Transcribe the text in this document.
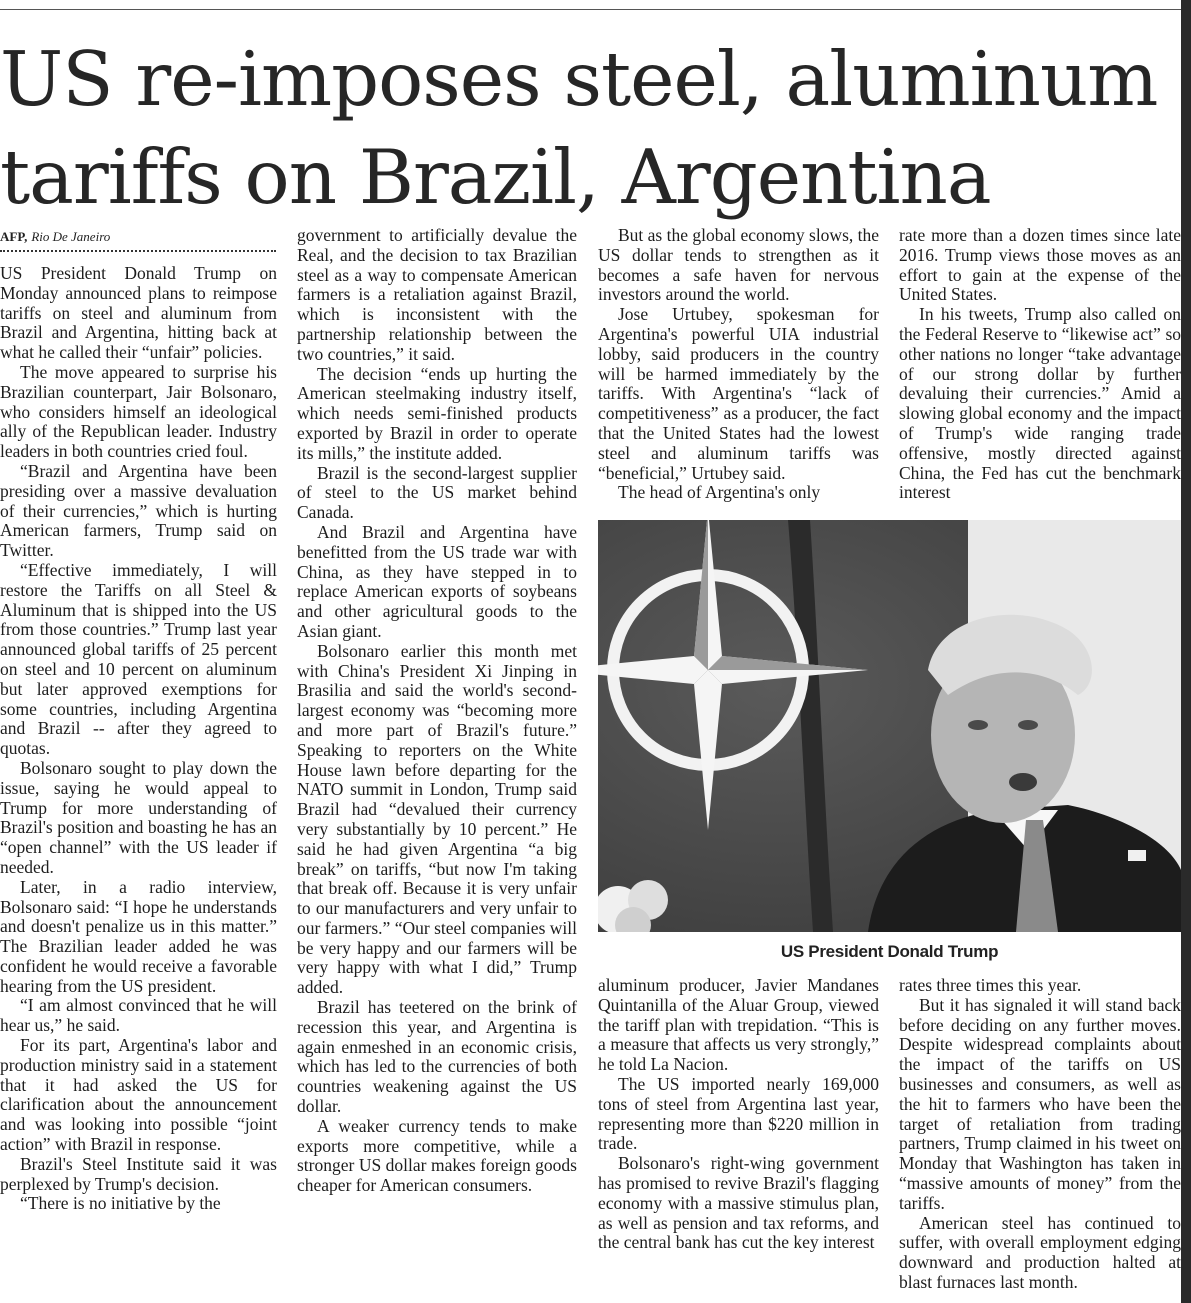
US re-imposes steel, aluminum
tariffs on Brazil, Argentina
AFP, Rio De Janeiro

US President Donald Trump on Monday announced plans to reimpose tariffs on steel and aluminum from Brazil and Argentina, hitting back at what he called their “unfair” policies.

The move appeared to surprise his Brazilian counterpart, Jair Bolsonaro, who considers himself an ideological ally of the Republican leader. Industry leaders in both countries cried foul.

“Brazil and Argentina have been presiding over a massive devaluation of their currencies,” which is hurting American farmers, Trump said on Twitter.

“Effective immediately, I will restore the Tariffs on all Steel & Aluminum that is shipped into the US from those countries.” Trump last year announced global tariffs of 25 percent on steel and 10 percent on aluminum but later approved exemptions for some countries, including Argentina and Brazil -- after they agreed to quotas.

Bolsonaro sought to play down the issue, saying he would appeal to Trump for more understanding of Brazil's position and boasting he has an “open channel” with the US leader if needed.

Later, in a radio interview, Bolsonaro said: “I hope he understands and doesn't penalize us in this matter.” The Brazilian leader added he was confident he would receive a favorable hearing from the US president.

“I am almost convinced that he will hear us,” he said.

For its part, Argentina's labor and production ministry said in a statement that it had asked the US for clarification about the announcement and was looking into possible “joint action” with Brazil in response.

Brazil's Steel Institute said it was perplexed by Trump's decision.

“There is no initiative by the

government to artificially devalue the Real, and the decision to tax Brazilian steel as a way to compensate American farmers is a retaliation against Brazil, which is inconsistent with the partnership relationship between the two countries,” it said.

The decision “ends up hurting the American steelmaking industry itself, which needs semi-finished products exported by Brazil in order to operate its mills,” the institute added.

Brazil is the second-largest supplier of steel to the US market behind Canada.

And Brazil and Argentina have benefitted from the US trade war with China, as they have stepped in to replace American exports of soybeans and other agricultural goods to the Asian giant.

Bolsonaro earlier this month met with China's President Xi Jinping in Brasilia and said the world's second-largest economy was “becoming more and more part of Brazil's future.” Speaking to reporters on the White House lawn before departing for the NATO summit in London, Trump said Brazil had “devalued their currency very substantially by 10 percent.” He said he had given Argentina “a big break” on tariffs, “but now I'm taking that break off. Because it is very unfair to our manufacturers and very unfair to our farmers.” “Our steel companies will be very happy and our farmers will be very happy with what I did,” Trump added.

Brazil has teetered on the brink of recession this year, and Argentina is again enmeshed in an economic crisis, which has led to the currencies of both countries weakening against the US dollar.

A weaker currency tends to make exports more competitive, while a stronger US dollar makes foreign goods cheaper for American consumers.

But as the global economy slows, the US dollar tends to strengthen as it becomes a safe haven for nervous investors around the world.

Jose Urtubey, spokesman for Argentina's powerful UIA industrial lobby, said producers in the country will be harmed immediately by the tariffs. With Argentina's “lack of competitiveness” as a producer, the fact that the United States had the lowest steel and aluminum tariffs was “beneficial,” Urtubey said.

The head of Argentina's only

rate more than a dozen times since late 2016. Trump views those moves as an effort to gain at the expense of the United States.

In his tweets, Trump also called on the Federal Reserve to “likewise act” so other nations no longer “take advantage of our strong dollar by further devaluing their currencies.” Amid a slowing global economy and the impact of Trump's wide ranging trade offensive, mostly directed against China, the Fed has cut the benchmark interest

US President Donald Trump

aluminum producer, Javier Mandanes Quintanilla of the Aluar Group, viewed the tariff plan with trepidation. “This is a measure that affects us very strongly,” he told La Nacion.

The US imported nearly 169,000 tons of steel from Argentina last year, representing more than $220 million in trade.

Bolsonaro's right-wing government has promised to revive Brazil's flagging economy with a massive stimulus plan, as well as pension and tax reforms, and the central bank has cut the key interest

rates three times this year.

But it has signaled it will stand back before deciding on any further moves. Despite widespread complaints about the impact of the tariffs on US businesses and consumers, as well as the hit to farmers who have been the target of retaliation from trading partners, Trump claimed in his tweet on Monday that Washington has taken in “massive amounts of money” from the tariffs.

American steel has continued to suffer, with overall employment edging downward and production halted at blast furnaces last month.
